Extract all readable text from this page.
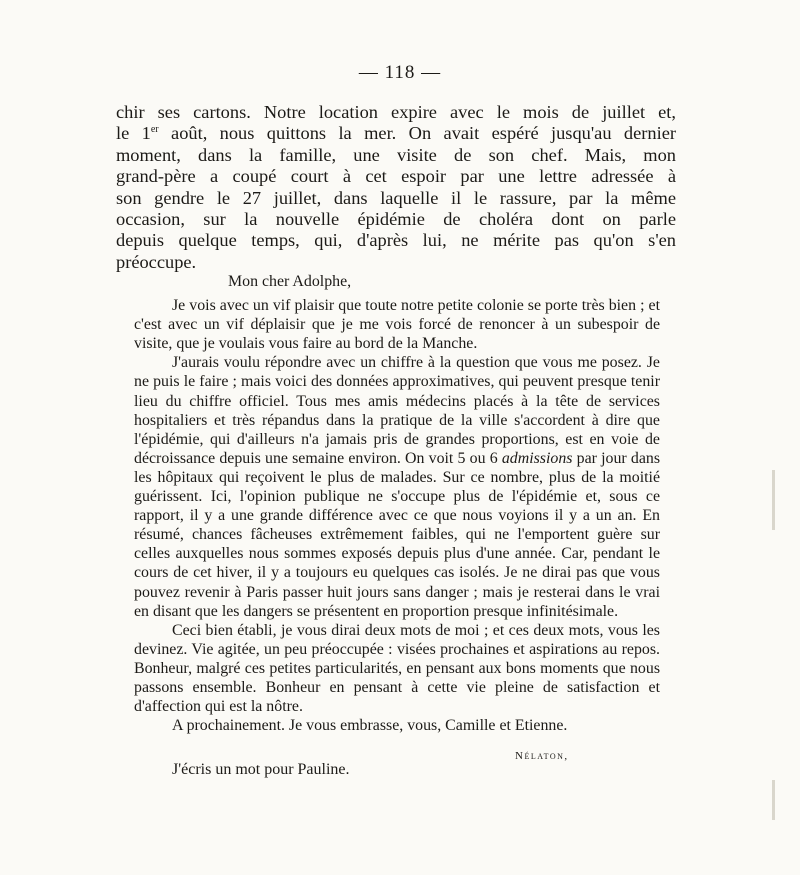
— 118 —
chir ses cartons. Notre location expire avec le mois de juillet et,
le 1er août, nous quittons la mer. On avait espéré jusqu'au dernier
moment, dans la famille, une visite de son chef. Mais, mon
grand-père a coupé court à cet espoir par une lettre adressée à
son gendre le 27 juillet, dans laquelle il le rassure, par la même
occasion, sur la nouvelle épidémie de choléra dont on parle
depuis quelque temps, qui, d'après lui, ne mérite pas qu'on s'en
préoccupe.
Mon cher Adolphe,

Je vois avec un vif plaisir que toute notre petite colonie se porte très bien ; et c'est avec un vif déplaisir que je me vois forcé de renoncer à un subespoir de visite, que je voulais vous faire au bord de la Manche.

J'aurais voulu répondre avec un chiffre à la question que vous me posez. Je ne puis le faire ; mais voici des données approximatives, qui peuvent presque tenir lieu du chiffre officiel. Tous mes amis médecins placés à la tête de services hospitaliers et très répandus dans la pratique de la ville s'accordent à dire que l'épidémie, qui d'ailleurs n'a jamais pris de grandes proportions, est en voie de décroissance depuis une semaine environ. On voit 5 ou 6 admissions par jour dans les hôpitaux qui reçoivent le plus de malades. Sur ce nombre, plus de la moitié guérissent. Ici, l'opinion publique ne s'occupe plus de l'épidémie et, sous ce rapport, il y a une grande différence avec ce que nous voyions il y a un an. En résumé, chances fâcheuses extrêmement faibles, qui ne l'emportent guère sur celles auxquelles nous sommes exposés depuis plus d'une année. Car, pendant le cours de cet hiver, il y a toujours eu quelques cas isolés. Je ne dirai pas que vous pouvez revenir à Paris passer huit jours sans danger ; mais je resterai dans le vrai en disant que les dangers se présentent en proportion presque infinitésimale.

Ceci bien établi, je vous dirai deux mots de moi ; et ces deux mots, vous les devinez. Vie agitée, un peu préoccupée : visées prochaines et aspirations au repos. Bonheur, malgré ces petites particularités, en pensant aux bons moments que nous passons ensemble. Bonheur en pensant à cette vie pleine de satisfaction et d'affection qui est la nôtre.

A prochainement. Je vous embrasse, vous, Camille et Etienne.
Nélaton,
J'écris un mot pour Pauline.
